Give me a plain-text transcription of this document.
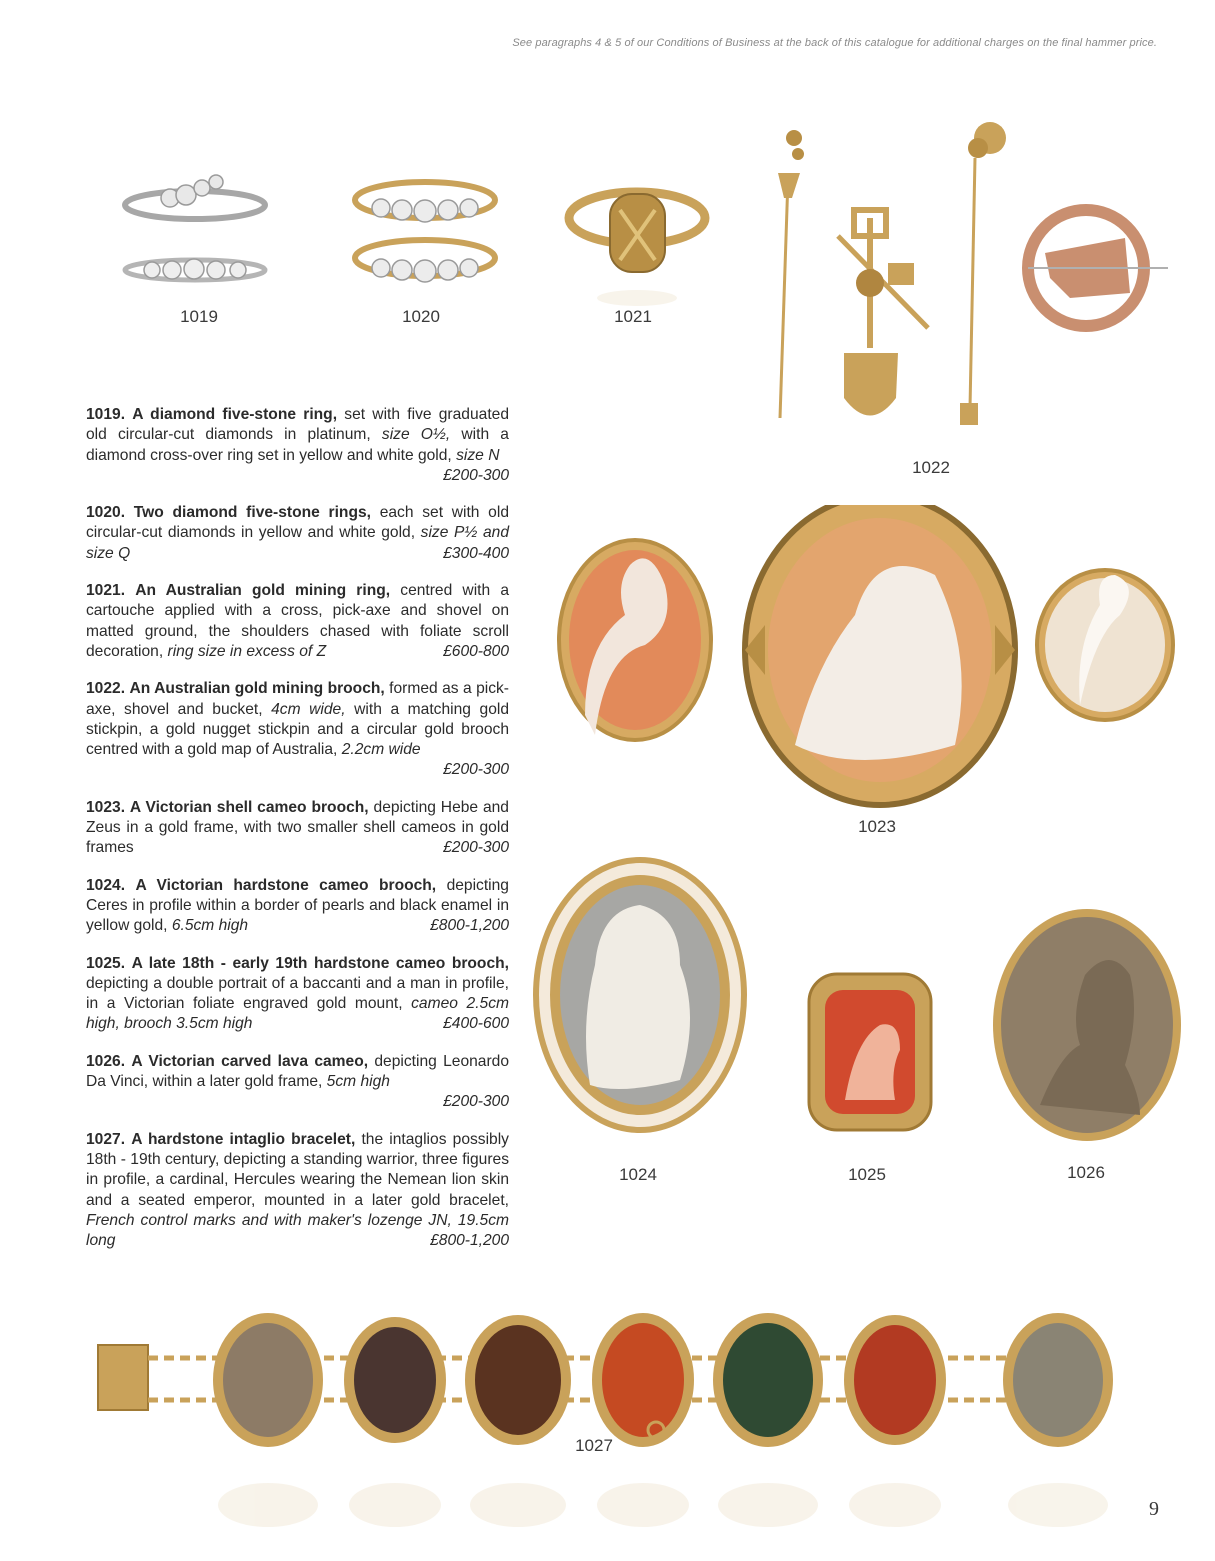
See paragraphs 4 & 5 of our Conditions of Business at the back of this catalogue for additional charges on the final hammer price.
1019	1020	1021
1022
1023
1024	1025	1026
1027
1019. A diamond five-stone ring, set with five graduated old circular-cut diamonds in platinum, size O½, with a diamond cross-over ring set in yellow and white gold, size N
£200-300
1020. Two diamond five-stone rings, each set with old circular-cut diamonds in yellow and white gold, size P½ and size Q	£300-400
1021. An Australian gold mining ring, centred with a cartouche applied with a cross, pick-axe and shovel on matted ground, the shoulders chased with foliate scroll decoration, ring size in excess of Z	£600-800
1022. An Australian gold mining brooch, formed as a pick-axe, shovel and bucket, 4cm wide, with a matching gold stickpin, a gold nugget stickpin and a circular gold brooch centred with a gold map of Australia, 2.2cm wide
£200-300
1023. A Victorian shell cameo brooch, depicting Hebe and Zeus in a gold frame, with two smaller shell cameos in gold frames	£200-300
1024. A Victorian hardstone cameo brooch, depicting Ceres in profile within a border of pearls and black enamel in yellow gold, 6.5cm high	£800-1,200
1025. A late 18th - early 19th hardstone cameo brooch, depicting a double portrait of a baccanti and a man in profile, in a Victorian foliate engraved gold mount, cameo 2.5cm high, brooch 3.5cm high	£400-600
1026. A Victorian carved lava cameo, depicting Leonardo Da Vinci, within a later gold frame, 5cm high
£200-300
1027. A hardstone intaglio bracelet, the intaglios possibly 18th - 19th century, depicting a standing warrior, three figures in profile, a cardinal, Hercules wearing the Nemean lion skin and a seated emperor, mounted in a later gold bracelet, French control marks and with maker's lozenge JN, 19.5cm long	£800-1,200
9
